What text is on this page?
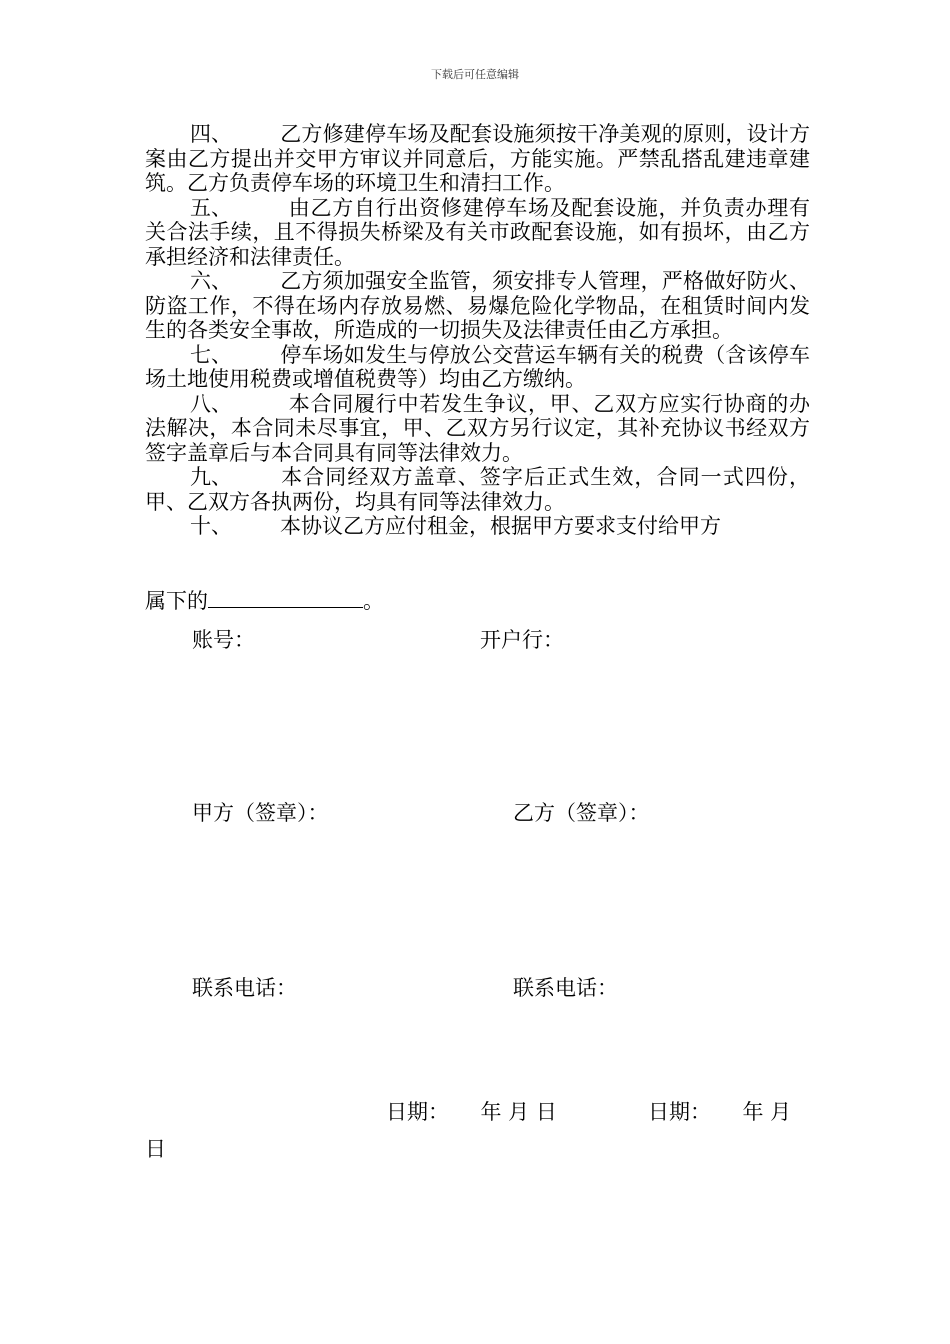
下载后可任意编辑

四、 乙方修建停车场及配套设施须按干净美观的原则，设计方案由乙方提出并交甲方审议并同意后，方能实施。严禁乱搭乱建违章建筑。乙方负责停车场的环境卫生和清扫工作。

五、	由乙方自行出资修建停车场及配套设施，并负责办理有关合法手续，且不得损失桥梁及有关市政配套设施，如有损坏，由乙方承担经济和法律责任。

六、 乙方须加强安全监管，须安排专人管理，严格做好防火、防盗工作，不得在场内存放易燃、易爆危险化学物品，在租赁时间内发生的各类安全事故，所造成的一切损失及法律责任由乙方承担。

七、 停车场如发生与停放公交营运车辆有关的税费（含该停车场土地使用税费或增值税费等）均由乙方缴纳。

八、	本合同履行中若发生争议，甲、乙双方应实行协商的办法解决，本合同未尽事宜，甲、乙双方另行议定，其补充协议书经双方签字盖章后与本合同具有同等法律效力。

九、 本合同经双方盖章、签字后正式生效，合同一式四份，甲、乙双方各执两份，均具有同等法律效力。

十、 本协议乙方应付租金，根据甲方要求支付给甲方

属下的	。
账号：	开户行：
甲方（签章）：	乙方（签章）：
联系电话：	联系电话：
日期：　　年 月 日	日期：　　年 月
日
